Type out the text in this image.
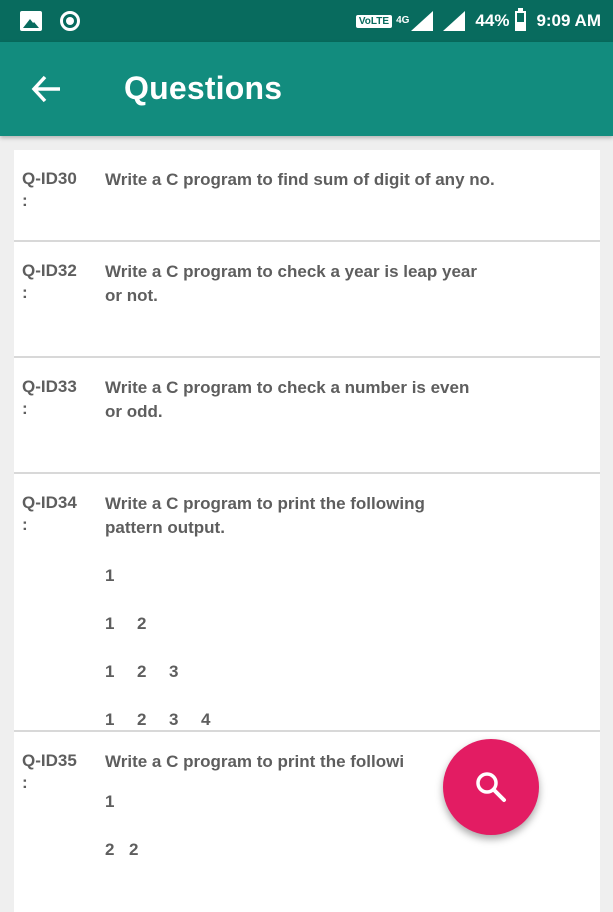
VoLTE 4G	44% 9:09 AM
Questions
Q-ID30
:
Write a C program to find sum of digit of any no.
Q-ID32
:
Write a C program to check a year is leap year or not.
Q-ID33
:
Write a C program to check a number is even or odd.
Q-ID34
:
Write a C program to print the following pattern output.
1
1 2
1 2 3
1 2 3 4
Q-ID35
:
Write a C program to print the followi
1
2 2
